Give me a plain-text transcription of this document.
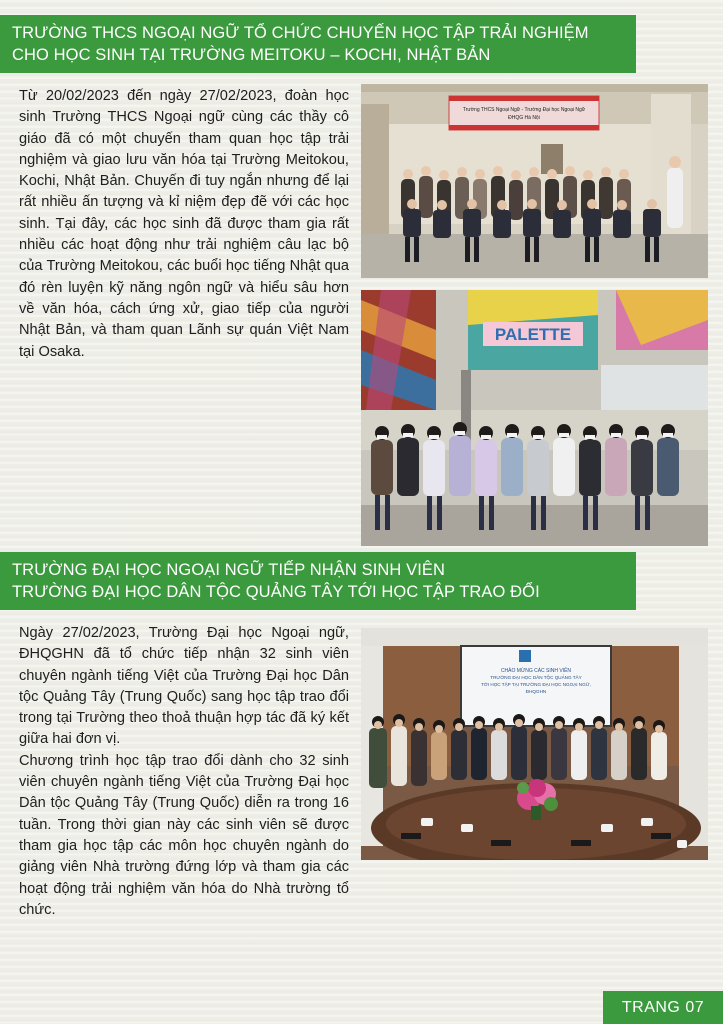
TRƯỜNG THCS NGOẠI NGỮ TỔ CHỨC CHUYẾN HỌC TẬP TRẢI NGHIỆM
CHO HỌC SINH TẠI TRƯỜNG MEITOKU – KOCHI, NHẬT BẢN
Từ 20/02/2023 đến ngày 27/02/2023, đoàn học sinh Trường THCS Ngoại ngữ cùng các thầy cô giáo đã có một chuyến tham quan học tập trải nghiệm và giao lưu văn hóa tại Trường Meitokou, Kochi, Nhật Bản. Chuyến đi tuy ngắn nhưng để lại rất nhiều ấn tượng và kỉ niệm đẹp đẽ với các học sinh. Tại đây, các học sinh đã được tham gia rất nhiều các hoạt động như trải nghiệm câu lạc bộ của Trường Meitokou, các buổi học tiếng Nhật qua đó rèn luyện kỹ năng ngôn ngữ và hiểu sâu hơn về văn hóa, cách ứng xử, giao tiếp của người Nhật Bản, và tham quan Lãnh sự quán Việt Nam tại Osaka.
Trường THCS Ngoại Ngữ - Trường Đại học Ngoại Ngữ
ĐHQG Hà Nội
PALETTE
TRƯỜNG ĐẠI HỌC NGOẠI NGỮ TIẾP NHẬN SINH VIÊN
TRƯỜNG ĐẠI HỌC DÂN TỘC QUẢNG TÂY TỚI HỌC TẬP TRAO ĐỔI

Ngày 27/02/2023, Trường Đại học Ngoại ngữ, ĐHQGHN đã tổ chức tiếp nhận 32 sinh viên chuyên ngành tiếng Việt của Trường Đại học Dân tộc Quảng Tây (Trung Quốc) sang học tập trao đổi trong tại Trường theo thoả thuận hợp tác đã ký kết giữa hai đơn vị.

Chương trình học tập trao đổi dành cho 32 sinh viên chuyên ngành tiếng Việt của Trường Đại học Dân tộc Quảng Tây (Trung Quốc) diễn ra trong 16 tuần. Trong thời gian này các sinh viên sẽ được tham gia học tập các môn học chuyên ngành do giảng viên Nhà trường đứng lớp và tham gia các hoạt động trải nghiệm văn hóa do Nhà trường tổ chức.

CHÀO MỪNG CÁC SINH VIÊN
TRƯỜNG ĐẠI HỌC DÂN TỘC QUẢNG TÂY
TỚI HỌC TẬP TẠI TRƯỜNG ĐẠI HỌC NGOẠI NGỮ,
ĐHQGHN
TRANG 07
